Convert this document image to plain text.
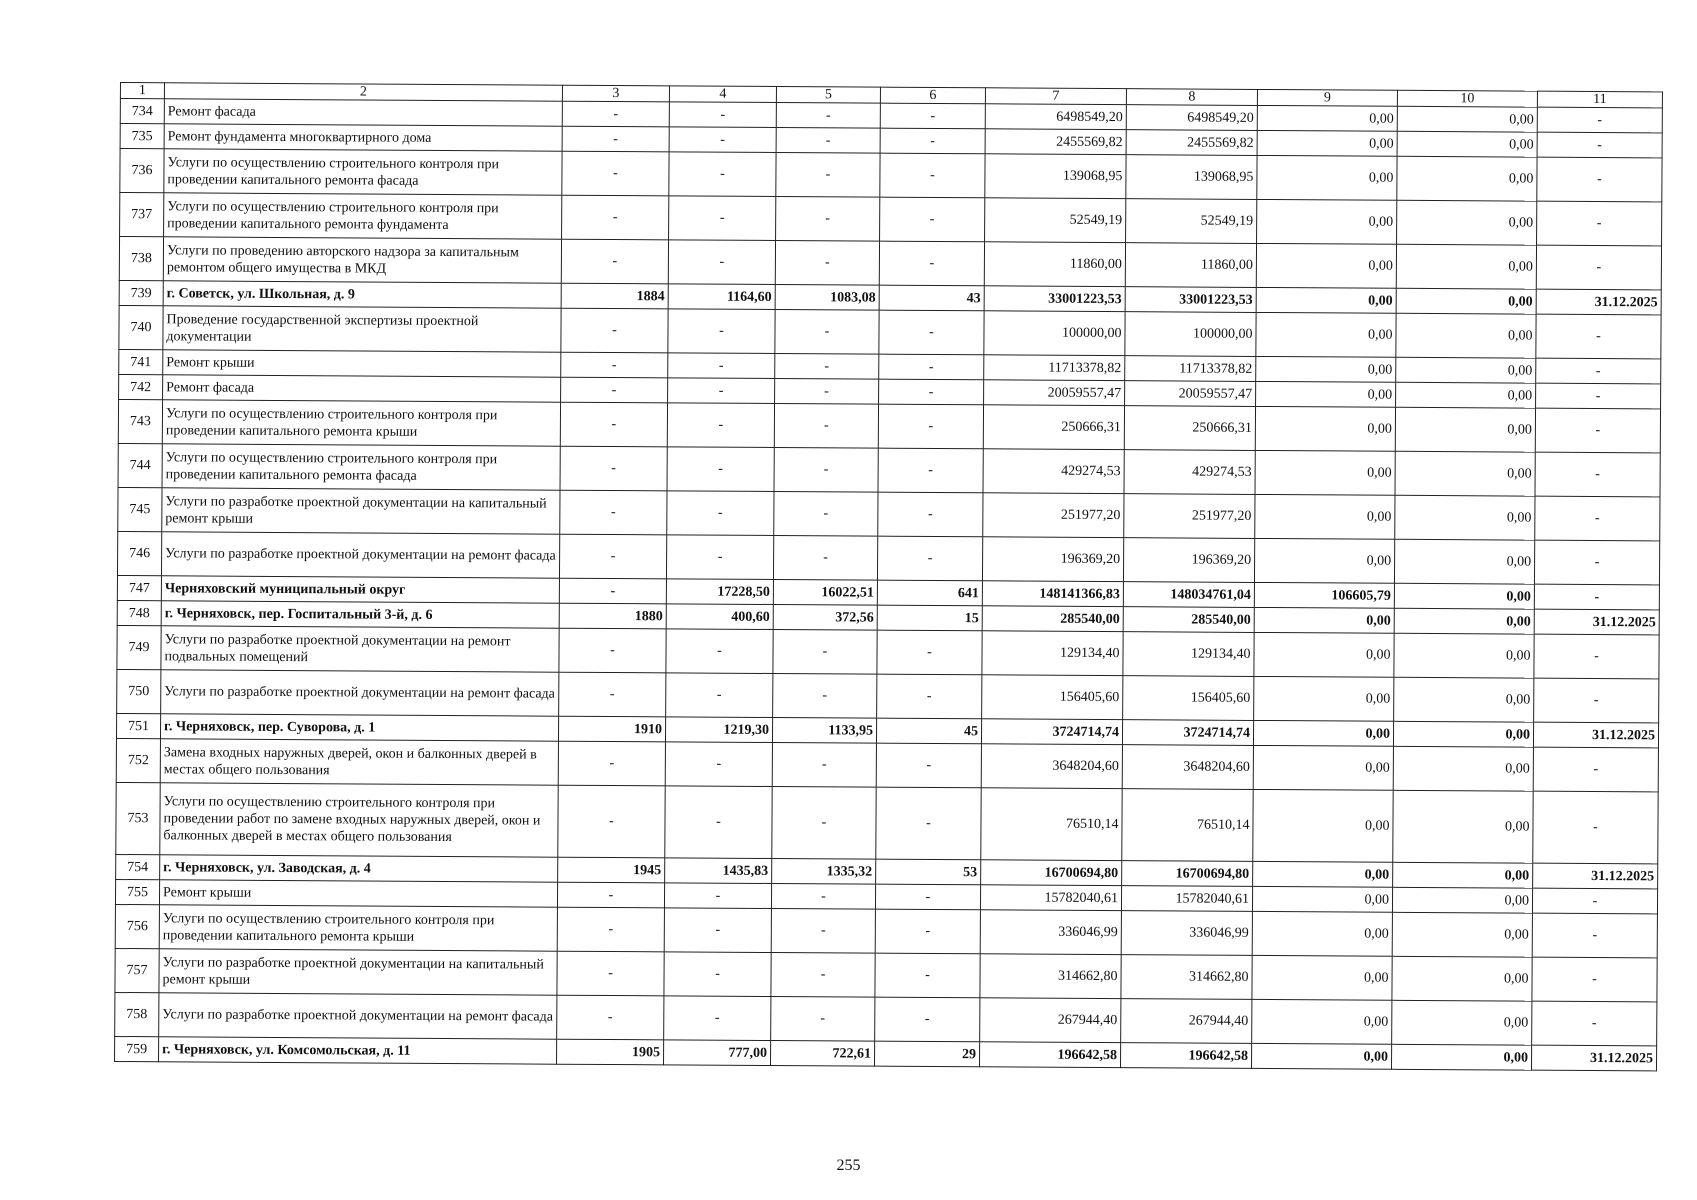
1	2	3	4	5	6	7	8	9	10	11
734	Ремонт фасада	-	-	-	-	6498549,20	6498549,20	0,00	0,00	-
735	Ремонт фундамента многоквартирного дома	-	-	-	-	2455569,82	2455569,82	0,00	0,00	-
736	Услуги по осуществлению строительного контроля при проведении капитального ремонта фасада	-	-	-	-	139068,95	139068,95	0,00	0,00	-
737	Услуги по осуществлению строительного контроля при проведении капитального ремонта фундамента	-	-	-	-	52549,19	52549,19	0,00	0,00	-
738	Услуги по проведению авторского надзора за капитальным ремонтом общего имущества в МКД	-	-	-	-	11860,00	11860,00	0,00	0,00	-
739	г. Советск, ул. Школьная, д. 9	1884	1164,60	1083,08	43	33001223,53	33001223,53	0,00	0,00	31.12.2025
740	Проведение государственной экспертизы проектной документации	-	-	-	-	100000,00	100000,00	0,00	0,00	-
741	Ремонт крыши	-	-	-	-	11713378,82	11713378,82	0,00	0,00	-
742	Ремонт фасада	-	-	-	-	20059557,47	20059557,47	0,00	0,00	-
743	Услуги по осуществлению строительного контроля при проведении капитального ремонта крыши	-	-	-	-	250666,31	250666,31	0,00	0,00	-
744	Услуги по осуществлению строительного контроля при проведении капитального ремонта фасада	-	-	-	-	429274,53	429274,53	0,00	0,00	-
745	Услуги по разработке проектной документации на капитальный ремонт крыши	-	-	-	-	251977,20	251977,20	0,00	0,00	-
746	Услуги по разработке проектной документации на ремонт фасада	-	-	-	-	196369,20	196369,20	0,00	0,00	-
747	Черняховский муниципальный округ	-	17228,50	16022,51	641	148141366,83	148034761,04	106605,79	0,00	-
748	г. Черняховск, пер. Госпитальный 3-й, д. 6	1880	400,60	372,56	15	285540,00	285540,00	0,00	0,00	31.12.2025
749	Услуги по разработке проектной документации на ремонт подвальных помещений	-	-	-	-	129134,40	129134,40	0,00	0,00	-
750	Услуги по разработке проектной документации на ремонт фасада	-	-	-	-	156405,60	156405,60	0,00	0,00	-
751	г. Черняховск, пер. Суворова, д. 1	1910	1219,30	1133,95	45	3724714,74	3724714,74	0,00	0,00	31.12.2025
752	Замена входных наружных дверей, окон и балконных дверей в местах общего пользования	-	-	-	-	3648204,60	3648204,60	0,00	0,00	-
753	Услуги по осуществлению строительного контроля при проведении работ по замене входных наружных дверей, окон и балконных дверей в местах общего пользования	-	-	-	-	76510,14	76510,14	0,00	0,00	-
754	г. Черняховск, ул. Заводская, д. 4	1945	1435,83	1335,32	53	16700694,80	16700694,80	0,00	0,00	31.12.2025
755	Ремонт крыши	-	-	-	-	15782040,61	15782040,61	0,00	0,00	-
756	Услуги по осуществлению строительного контроля при проведении капитального ремонта крыши	-	-	-	-	336046,99	336046,99	0,00	0,00	-
757	Услуги по разработке проектной документации на капитальный ремонт крыши	-	-	-	-	314662,80	314662,80	0,00	0,00	-
758	Услуги по разработке проектной документации на ремонт фасада	-	-	-	-	267944,40	267944,40	0,00	0,00	-
759	г. Черняховск, ул. Комсомольская, д. 11	1905	777,00	722,61	29	196642,58	196642,58	0,00	0,00	31.12.2025
255
